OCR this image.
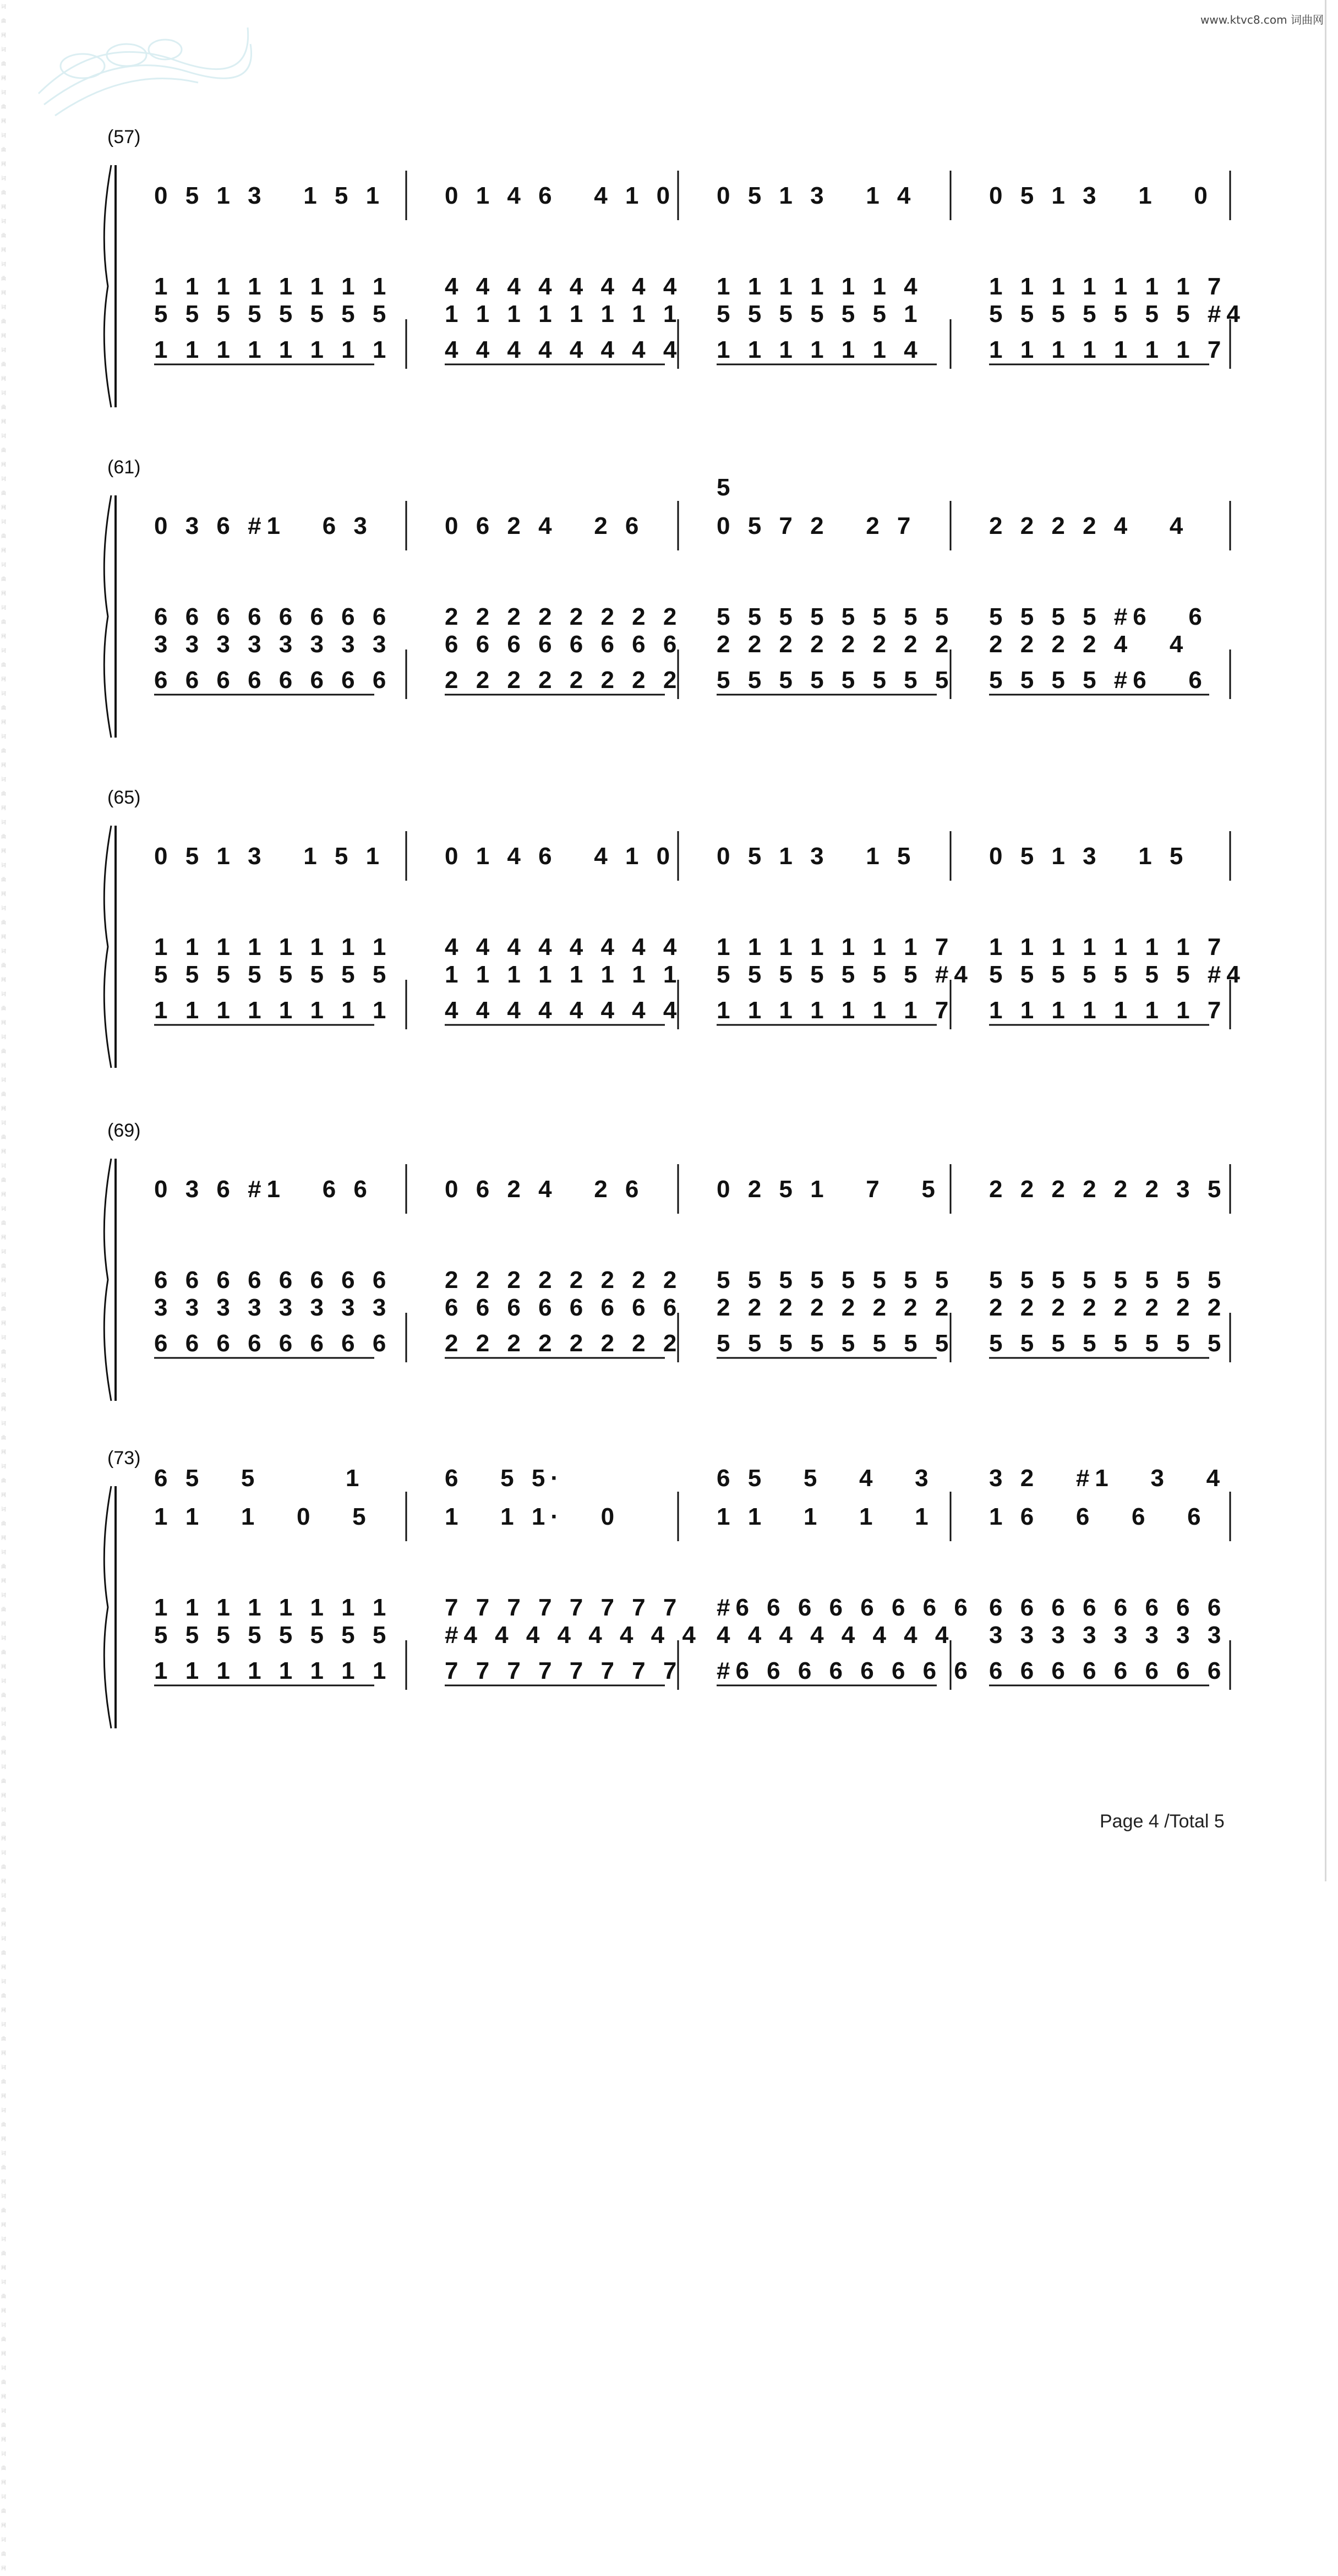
词曲网词曲网词曲网词曲网词曲网词曲网词曲网词曲网词曲网词曲网词曲网词曲网词曲网词曲网词曲网词曲网词曲网词曲网词曲网词曲网词曲网词曲网词曲网词曲网词曲网词曲网词曲网词曲网词曲网词曲网词曲网词曲网词曲网词曲网词曲网词曲网词曲网词曲网词曲网词曲网词曲网词曲网词曲网词曲网词曲网词曲网词曲网词曲网词曲网词曲网词曲网词曲网词曲网词曲网词曲网词曲网词曲网词曲网词曲网词曲网
www.ktvc8.com 词曲网
(57)
0 5 1 3   1 5 1
1 1 1 1 1 1 1 1
5 5 5 5 5 5 5 5
1 1 1 1 1 1 1 1
0 1 4 6   4 1 0
4 4 4 4 4 4 4 4
1 1 1 1 1 1 1 1
4 4 4 4 4 4 4 4
0 5 1 3   1 4
1 1 1 1 1 1 4
5 5 5 5 5 5 1
1 1 1 1 1 1 4
0 5 1 3   1   0
1 1 1 1 1 1 1 7
5 5 5 5 5 5 5 #4
1 1 1 1 1 1 1 7
(61)
0 3 6 #1   6 3
6 6 6 6 6 6 6 6
3 3 3 3 3 3 3 3
6 6 6 6 6 6 6 6
0 6 2 4   2 6
2 2 2 2 2 2 2 2
6 6 6 6 6 6 6 6
2 2 2 2 2 2 2 2
5
0 5 7 2   2 7
5 5 5 5 5 5 5 5
2 2 2 2 2 2 2 2
5 5 5 5 5 5 5 5
2 2 2 2 4   4
5 5 5 5 #6   6
2 2 2 2 4   4
5 5 5 5 #6   6
(65)
0 5 1 3   1 5 1
1 1 1 1 1 1 1 1
5 5 5 5 5 5 5 5
1 1 1 1 1 1 1 1
0 1 4 6   4 1 0
4 4 4 4 4 4 4 4
1 1 1 1 1 1 1 1
4 4 4 4 4 4 4 4
0 5 1 3   1 5
1 1 1 1 1 1 1 7
5 5 5 5 5 5 5 #4
1 1 1 1 1 1 1 7
0 5 1 3   1 5
1 1 1 1 1 1 1 7
5 5 5 5 5 5 5 #4
1 1 1 1 1 1 1 7
(69)
0 3 6 #1   6 6
6 6 6 6 6 6 6 6
3 3 3 3 3 3 3 3
6 6 6 6 6 6 6 6
0 6 2 4   2 6
2 2 2 2 2 2 2 2
6 6 6 6 6 6 6 6
2 2 2 2 2 2 2 2
0 2 5 1   7   5
5 5 5 5 5 5 5 5
2 2 2 2 2 2 2 2
5 5 5 5 5 5 5 5
2 2 2 2 2 2 3 5
5 5 5 5 5 5 5 5
2 2 2 2 2 2 2 2
5 5 5 5 5 5 5 5
(73)
6 5   5       1
1 1   1   0   5
1 1 1 1 1 1 1 1
5 5 5 5 5 5 5 5
1 1 1 1 1 1 1 1
6   5 5·
1   1 1·   0
7 7 7 7 7 7 7 7
#4 4 4 4 4 4 4 4
7 7 7 7 7 7 7 7
6 5   5   4   3
1 1   1   1   1
#6 6 6 6 6 6 6 6
4 4 4 4 4 4 4 4
#6 6 6 6 6 6 6 6
3 2   #1   3   4
1 6   6   6   6
6 6 6 6 6 6 6 6
3 3 3 3 3 3 3 3
6 6 6 6 6 6 6 6
Page 4 /Total 5
